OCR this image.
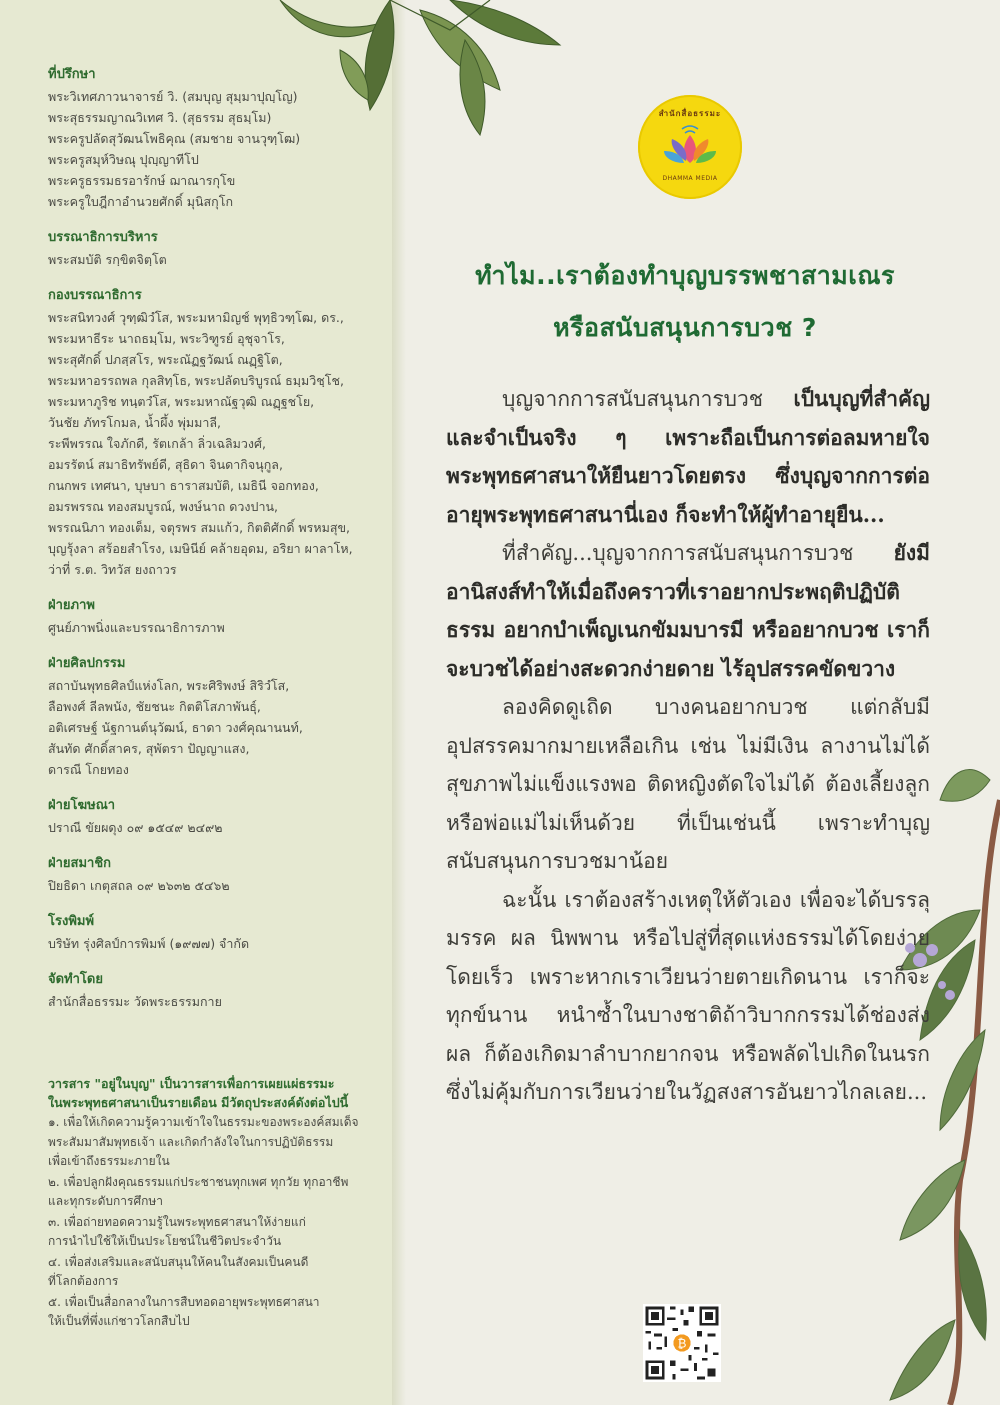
ที่ปรึกษา
พระวิเทศภาวนาจารย์ วิ. (สมบุญ สุมฺมาปุญฺโญ)
พระสุธรรมญาณวิเทศ วิ. (สุธรรม สุธมฺโม)
พระครูปลัดสุวัฒนโพธิคุณ (สมชาย จานวุฑฺโฒ)
พระครูสมุห์วิษณุ ปุญฺญาทีโป
พระครูธรรมธรอารักษ์ ฌาณารกุโข
พระครูใบฎีกาอำนวยศักดิ์ มุนิสกุโก
บรรณาธิการบริหาร
พระสมบัติ รกฺขิตจิตฺโต
กองบรรณาธิการ
พระสนิทวงศ์ วุฑฺฒิวํโส, พระมหามิญช์ พุทฺธิวฑฺโฒ, ดร.,
พระมหาธีระ นาถธมฺโม, พระวิฑูรย์ อุชุจาโร,
พระสุศักดิ์ ปภสฺสโร, พระณัฏฐวัฒน์ ณฏฺฐิโต,
พระมหาอรรถพล กุลสิทฺโธ, พระปลัดบริบูรณ์ ธมฺมวิชฺโช,
พระมหาภูริช ทนฺตวํโส, พระมหาณัฐวุฒิ ณฏฺฐชโย,
วันชัย ภัทรโกมล, น้ำผึ้ง พุ่มมาลี,
ระพีพรรณ ใจภักดี, รัตเกล้า ลิ่วเฉลิมวงศ์,
อมรรัตน์ สมาธิทรัพย์ดี, สุธิดา จินดากิจนุกูล,
กนกพร เทศนา, บุษบา ธาราสมบัติ, เมธินี จอกทอง,
อมรพรรณ ทองสมบูรณ์, พงษ์นาถ ดวงปาน,
พรรณนิภา ทองเต็ม, จตุรพร สมแก้ว, กิตติศักดิ์ พรหมสุข,
บุญรุ้งลา สร้อยสำโรง, เมษินีย์ คล้ายอุดม, อริยา ผาลาโห,
ว่าที่ ร.ต. วิทวัส ยงถาวร
ฝ่ายภาพ
ศูนย์ภาพนิ่งและบรรณาธิการภาพ
ฝ่ายศิลปกรรม
สถาบันพุทธศิลป์แห่งโลก, พระศิริพงษ์ สิริวํโส,
ลือพงศ์ ลีลพนัง, ชัยชนะ กิตติโสภาพันธุ์,
อติเศรษฐ์ นัฐกานต์นุวัฒน์, ธาดา วงศ์คุณานนท์,
สันทัด ศักดิ์สาคร, สุพัตรา ปัญญาแสง,
ดารณี โกยทอง
ฝ่ายโฆษณา
ปราณี ขัยผดุง ๐๙ ๑๕๔๙ ๒๔๙๒
ฝ่ายสมาชิก
ปิยธิดา เกตุสถล ๐๙ ๒๖๓๒ ๕๔๖๒
โรงพิมพ์
บริษัท รุ่งศิลป์การพิมพ์ (๑๙๗๗) จำกัด
จัดทำโดย
สำนักสื่อธรรมะ วัดพระธรรมกาย
วารสาร "อยู่ในบุญ" เป็นวารสารเพื่อการเผยแผ่ธรรมะ
ในพระพุทธศาสนาเป็นรายเดือน มีวัตถุประสงค์ดังต่อไปนี้
๑. เพื่อให้เกิดความรู้ความเข้าใจในธรรมะของพระองค์สมเด็จ
พระสัมมาสัมพุทธเจ้า และเกิดกำลังใจในการปฏิบัติธรรม
เพื่อเข้าถึงธรรมะภายใน
๒. เพื่อปลูกฝังคุณธรรมแก่ประชาชนทุกเพศ ทุกวัย ทุกอาชีพ
และทุกระดับการศึกษา
๓. เพื่อถ่ายทอดความรู้ในพระพุทธศาสนาให้ง่ายแก่
การนำไปใช้ให้เป็นประโยชน์ในชีวิตประจำวัน
๔. เพื่อส่งเสริมและสนับสนุนให้คนในสังคมเป็นคนดี
ที่โลกต้องการ
๕. เพื่อเป็นสื่อกลางในการสืบทอดอายุพระพุทธศาสนา
ให้เป็นที่พึ่งแก่ชาวโลกสืบไป
สำนักสื่อธรรมะ
DHAMMA MEDIA
ทำไม..เราต้องทำบุญบรรพชาสามเณร
หรือสนับสนุนการบวช ?

บุญจากการสนับสนุนการบวช เป็นบุญที่สำคัญและจำเป็นจริง ๆ เพราะถือเป็นการต่อลมหายใจพระพุทธศาสนาให้ยืนยาวโดยตรง ซึ่งบุญจากการต่ออายุพระพุทธศาสนานี่เอง ก็จะทำให้ผู้ทำอายุยืน...

ที่สำคัญ...บุญจากการสนับสนุนการบวช ยังมีอานิสงส์ทำให้เมื่อถึงคราวที่เราอยากประพฤติปฏิบัติธรรม อยากบำเพ็ญเนกขัมมบารมี หรืออยากบวช เราก็จะบวชได้อย่างสะดวกง่ายดาย ไร้อุปสรรคขัดขวาง

ลองคิดดูเถิด บางคนอยากบวช แต่กลับมีอุปสรรคมากมายเหลือเกิน เช่น ไม่มีเงิน ลางานไม่ได้ สุขภาพไม่แข็งแรงพอ ติดหญิงตัดใจไม่ได้ ต้องเลี้ยงลูก หรือพ่อแม่ไม่เห็นด้วย ที่เป็นเช่นนี้ เพราะทำบุญสนับสนุนการบวชมาน้อย

ฉะนั้น เราต้องสร้างเหตุให้ตัวเอง เพื่อจะได้บรรลุมรรค ผล นิพพาน หรือไปสู่ที่สุดแห่งธรรมได้โดยง่าย โดยเร็ว เพราะหากเราเวียนว่ายตายเกิดนาน เราก็จะทุกข์นาน หนำซ้ำในบางชาติถ้าวิบากกรรมได้ช่องส่งผล ก็ต้องเกิดมาลำบากยากจน หรือพลัดไปเกิดในนรก ซึ่งไม่คุ้มกับการเวียนว่ายในวัฏสงสารอันยาวไกลเลย...

₿
